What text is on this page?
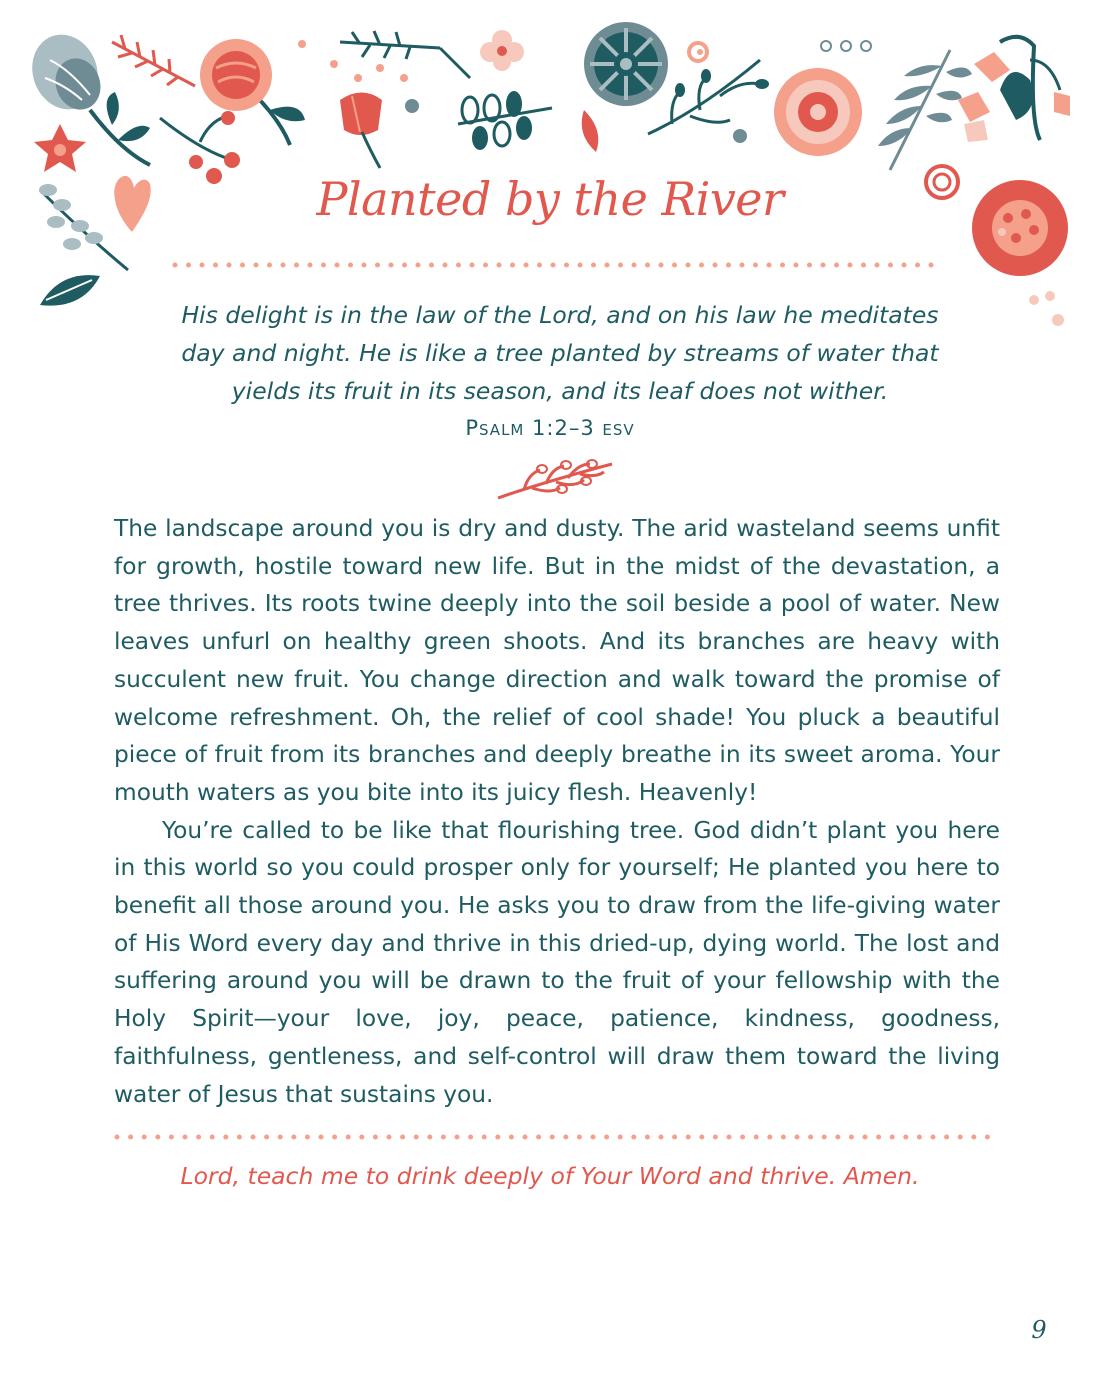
Planted by the River

His delight is in the law of the Lord, and on his law he meditates

day and night. He is like a tree planted by streams of water that

yields its fruit in its season, and its leaf does not wither.

Psalm 1:2–3 esv

The landscape around you is dry and dusty. The arid wasteland seems unfit for growth, hostile toward new life. But in the midst of the devastation, a tree thrives. Its roots twine deeply into the soil beside a pool of water. New leaves unfurl on healthy green shoots. And its branches are heavy with succulent new fruit. You change direction and walk toward the promise of welcome refreshment. Oh, the relief of cool shade! You pluck a beautiful piece of fruit from its branches and deeply breathe in its sweet aroma. Your mouth waters as you bite into its juicy flesh. Heavenly!

You’re called to be like that flourishing tree. God didn’t plant you here in this world so you could prosper only for yourself; He planted you here to benefit all those around you. He asks you to draw from the life-giving water of His Word every day and thrive in this dried-up, dying world. The lost and suffering around you will be drawn to the fruit of your fellowship with the Holy Spirit—your love, joy, peace, patience, kindness, goodness, faithfulness, gentleness, and self-control will draw them toward the living water of Jesus that sustains you.

Lord, teach me to drink deeply of Your Word and thrive. Amen.
9
